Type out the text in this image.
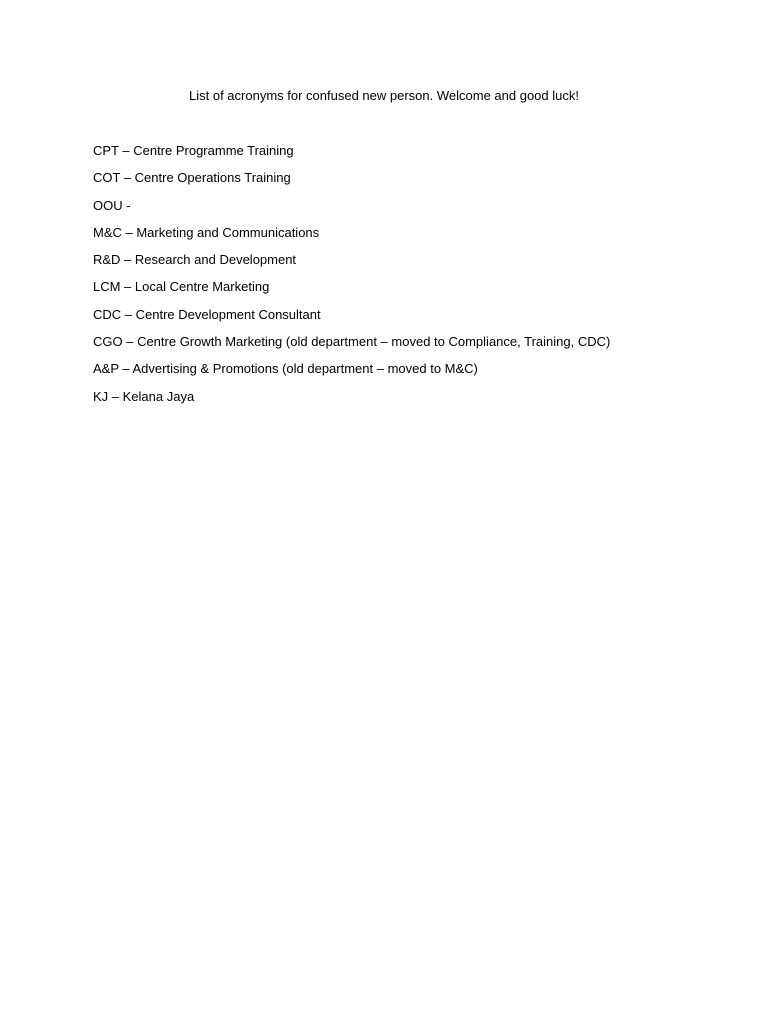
List of acronyms for confused new person. Welcome and good luck!
CPT – Centre Programme Training
COT – Centre Operations Training
OOU -
M&C – Marketing and Communications
R&D – Research and Development
LCM – Local Centre Marketing
CDC – Centre Development Consultant
CGO – Centre Growth Marketing (old department – moved to Compliance, Training, CDC)
A&P – Advertising & Promotions (old department – moved to M&C)
KJ – Kelana Jaya
